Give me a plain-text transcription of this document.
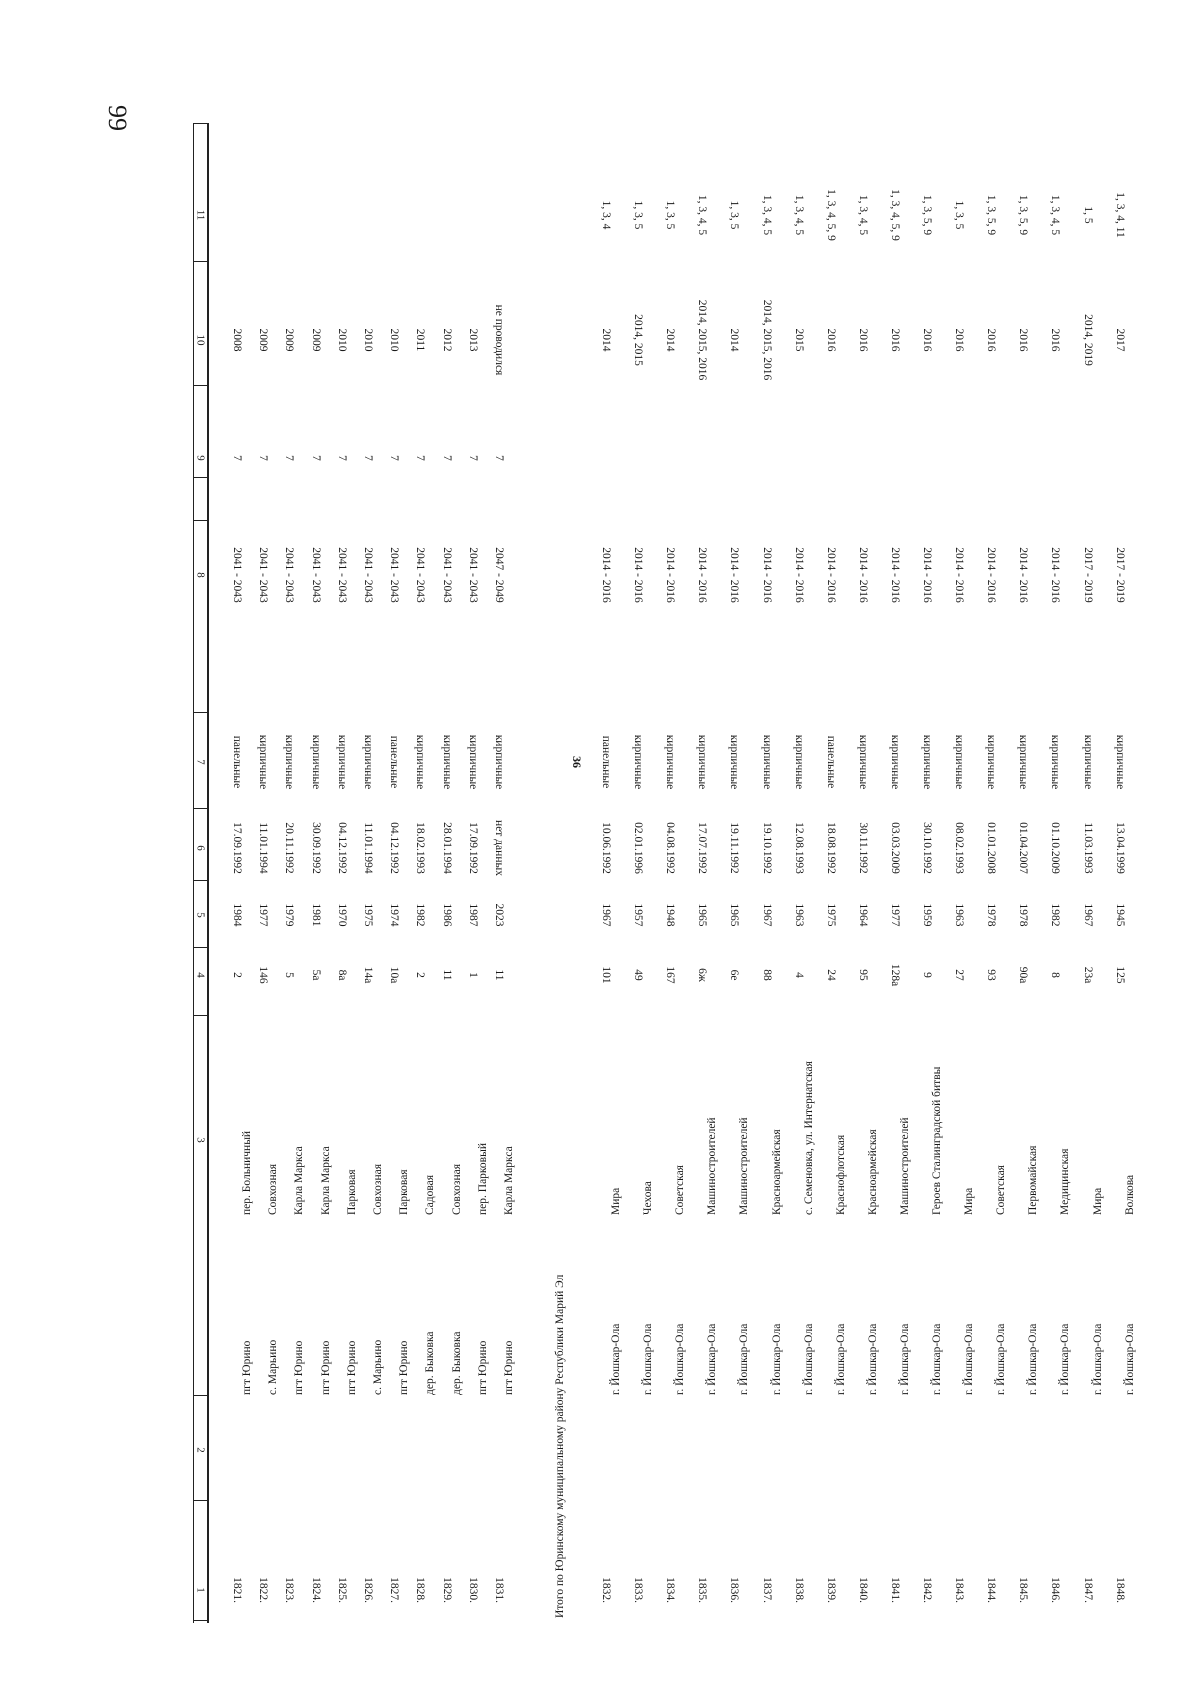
99
1
2
3
4
5
6
7
8
9
10
11
1821.
пгт Юрино
пер. Больничный
2
1984
17.09.1992
панельные
2041 - 2043
7
2008
1822.
с. Марьино
Совхозная
146
1977
11.01.1994
кирпичные
2041 - 2043
7
2009
1823.
пгт Юрино
Карла Маркса
5
1979
20.11.1992
кирпичные
2041 - 2043
7
2009
1824.
пгт Юрино
Карла Маркса
5а
1981
30.09.1992
кирпичные
2041 - 2043
7
2009
1825.
пгт Юрино
Парковая
8а
1970
04.12.1992
кирпичные
2041 - 2043
7
2010
1826.
с. Марьино
Совхозная
14а
1975
11.01.1994
кирпичные
2041 - 2043
7
2010
1827.
пгт Юрино
Парковая
10а
1974
04.12.1992
панельные
2041 - 2043
7
2010
1828.
дер. Быковка
Садовая
2
1982
18.02.1993
кирпичные
2041 - 2043
7
2011
1829.
дер. Быковка
Совхозная
11
1986
28.01.1994
кирпичные
2041 - 2043
7
2012
1830.
пгт Юрино
пер. Парковый
1
1987
17.09.1992
кирпичные
2041 - 2043
7
2013
1831.
пгт Юрино
Карла Маркса
11
2023
нет данных
кирпичные
2047 - 2049
7
не проводился
Итого по Юринскому муниципальному району Республики Марий Эл
36
1832.
г. Йошкар-Ола
Мира
101
1967
10.06.1992
панельные
2014 - 2016
2014
1, 3, 4
1833.
г. Йошкар-Ола
Чехова
49
1957
02.01.1996
кирпичные
2014 - 2016
2014, 2015
1, 3, 5
1834.
г. Йошкар-Ола
Советская
167
1948
04.08.1992
кирпичные
2014 - 2016
2014
1, 3, 5
1835.
г. Йошкар-Ола
Машиностроителей
6ж
1965
17.07.1992
кирпичные
2014 - 2016
2014, 2015, 2016
1, 3, 4, 5
1836.
г. Йошкар-Ола
Машиностроителей
6е
1965
19.11.1992
кирпичные
2014 - 2016
2014
1, 3, 5
1837.
г. Йошкар-Ола
Красноармейская
88
1967
19.10.1992
кирпичные
2014 - 2016
2014, 2015, 2016
1, 3, 4, 5
1838.
г. Йошкар-Ола
с. Семеновка, ул. Интернатская
4
1963
12.08.1993
кирпичные
2014 - 2016
2015
1, 3, 4, 5
1839.
г. Йошкар-Ола
Краснофлотская
24
1975
18.08.1992
панельные
2014 - 2016
2016
1, 3, 4, 5, 9
1840.
г. Йошкар-Ола
Красноармейская
95
1964
30.11.1992
кирпичные
2014 - 2016
2016
1, 3, 4, 5
1841.
г. Йошкар-Ола
Машиностроителей
128а
1977
03.03.2009
кирпичные
2014 - 2016
2016
1, 3, 4, 5, 9
1842.
г. Йошкар-Ола
Героев Сталинградской битвы
9
1959
30.10.1992
кирпичные
2014 - 2016
2016
1, 3, 5, 9
1843.
г. Йошкар-Ола
Мира
27
1963
08.02.1993
кирпичные
2014 - 2016
2016
1, 3, 5
1844.
г. Йошкар-Ола
Советская
93
1978
01.01.2008
кирпичные
2014 - 2016
2016
1, 3, 5, 9
1845.
г. Йошкар-Ола
Первомайская
90а
1978
01.04.2007
кирпичные
2014 - 2016
2016
1, 3, 5, 9
1846.
г. Йошкар-Ола
Медицинская
8
1982
01.10.2009
кирпичные
2014 - 2016
2016
1, 3, 4, 5
1847.
г. Йошкар-Ола
Мира
23а
1967
11.03.1993
кирпичные
2017 - 2019
2014, 2019
1, 5
1848.
г. Йошкар-Ола
Волкова
125
1945
13.04.1999
кирпичные
2017 - 2019
2017
1, 3, 4, 11
